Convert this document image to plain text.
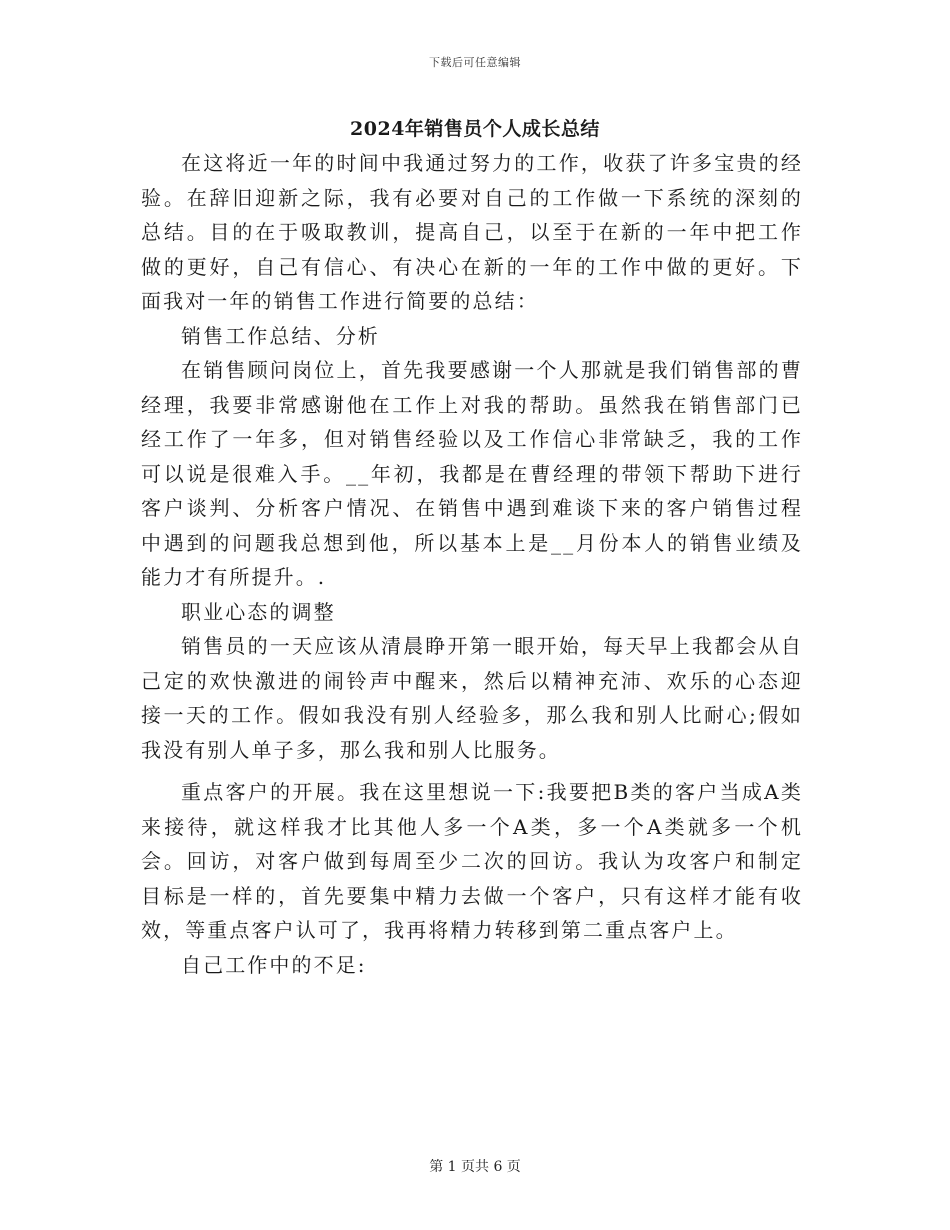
下载后可任意编辑
2024年销售员个人成长总结

在这将近一年的时间中我通过努力的工作，收获了许多宝贵的经验。在辞旧迎新之际，我有必要对自己的工作做一下系统的深刻的总结。目的在于吸取教训，提高自己，以至于在新的一年中把工作做的更好，自己有信心、有决心在新的一年的工作中做的更好。下面我对一年的销售工作进行简要的总结：

销售工作总结、分析

在销售顾问岗位上，首先我要感谢一个人那就是我们销售部的曹经理，我要非常感谢他在工作上对我的帮助。虽然我在销售部门已经工作了一年多，但对销售经验以及工作信心非常缺乏，我的工作可以说是很难入手。__年初，我都是在曹经理的带领下帮助下进行客户谈判、分析客户情况、在销售中遇到难谈下来的客户销售过程中遇到的问题我总想到他，所以基本上是__月份本人的销售业绩及能力才有所提升。.

职业心态的调整

销售员的一天应该从清晨睁开第一眼开始，每天早上我都会从自己定的欢快激进的闹铃声中醒来，然后以精神充沛、欢乐的心态迎接一天的工作。假如我没有别人经验多，那么我和别人比耐心;假如我没有别人单子多，那么我和别人比服务。

重点客户的开展。我在这里想说一下:我要把B类的客户当成A类来接待，就这样我才比其他人多一个A类，多一个A类就多一个机会。回访，对客户做到每周至少二次的回访。我认为攻客户和制定目标是一样的，首先要集中精力去做一个客户，只有这样才能有收效，等重点客户认可了，我再将精力转移到第二重点客户上。

自己工作中的不足:

第 1 页共 6 页
